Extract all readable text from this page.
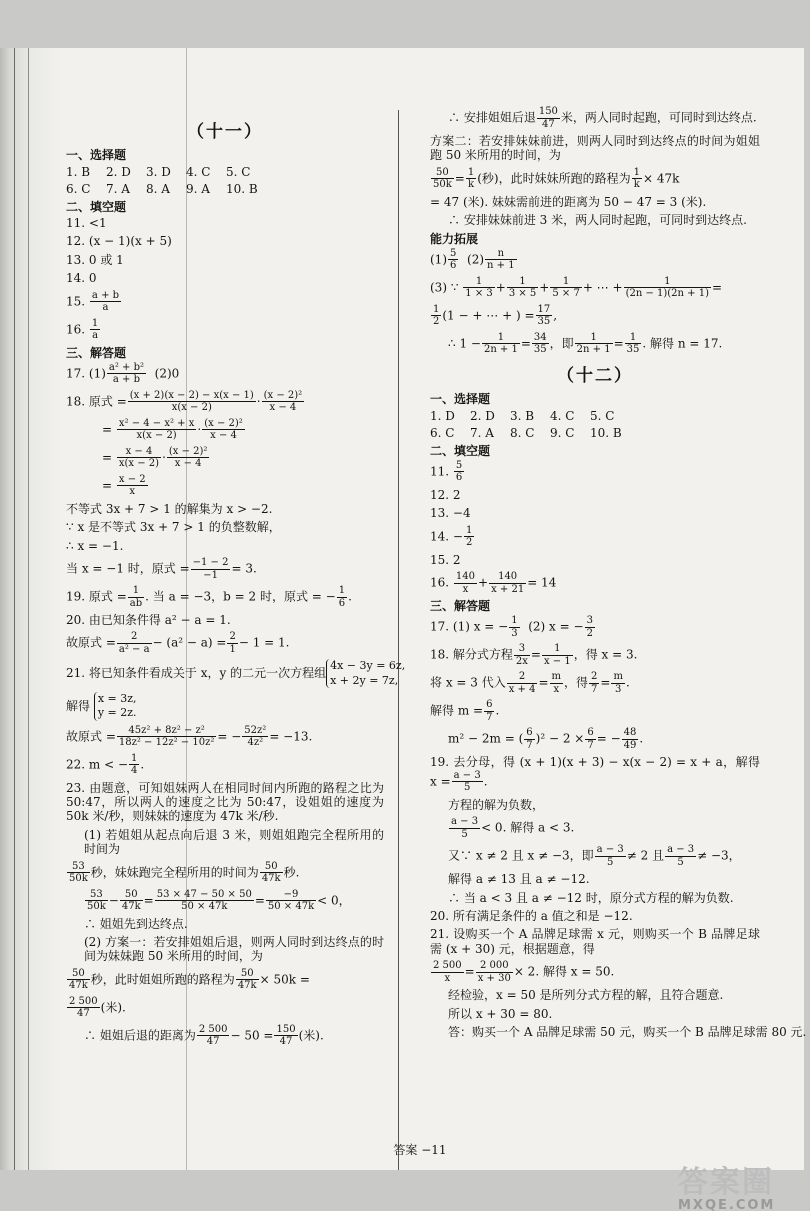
（十一）
一、选择题
1. B	2. D	3. D	4. C	5. C
6. C	7. A	8. A	9. A	10. B
二、填空题
11. <1
12. (x − 1)(x + 5)
13. 0 或 1
14. 0
15. $\frac{a + b}{a}$
16. $\frac{1}{a}$
三、解答题
17. $(1) \frac{\text{a² + b²}}{a + b} (2)0$
18. 原式 = $\frac{(x + 2)(x - 2) - x(x - 1)}{x(x - 2)} \cdot \frac{\text{(x − 2)²}}{x - 4}$
= $\frac{\text{x² − 4 − x² + x}}{x(x - 2)} \cdot \frac{\text{(x − 2)²}}{x - 4}$
= $\frac{x - 4}{x(x - 2)} \cdot \frac{\text{(x − 2)²}}{x - 4}$
= $\frac{x - 2}{x}$
不等式 3x + 7 > 1 的解集为 x > −2.
∵ x 是不等式 3x + 7 > 1 的负整数解，
∴ x = −1.
当 x = −1 时，原式 = $\frac{-1 - 2}{-1} = 3$.
19. 原式 = $\frac{1}{ab}$ . 当 a = −3，b = 2 时，原式 = − $\frac{1}{6}$ .
20. 由已知条件得 a² − a = 1.
故原式 = $\frac{2}{\text{a² − a}} - (a^2 - a) = \frac{2}{1} - 1 = 1$.
21. 将已知条件看成关于 x，y 的二元一次方程组4x − 3y = 6z,
x + 2y = 7z,
解得 x = 3z,
y = 2z.
故原式 = $\frac{\text{45z² + 8z² − z²}}{\text{18z² − 12z² − 10z²}}$ = − $\frac{\text{52z²}}{\text{4z²}} = -13$.
22. m < − $\frac{1}{4}$ .
23. 由题意，可知姐妹两人在相同时间内所跑的路程之比为 50:47，所以两人的速度之比为 50:47，设姐姐的速度为 50k 米/秒，则妹妹的速度为 47k 米/秒.
(1) 若姐姐从起点向后退 3 米，则姐姐跑完全程所用的时间为
$\frac{53}{50k}$ 秒，妹妹跑完全程所用的时间为 $\frac{50}{47k}$ 秒.
$\frac{53}{50k} - \frac{50}{47k} = \frac{53 \times 47 - 50 \times 50}{50 \times 47k} = \frac{-9}{50 \times 47k} < 0$，
∴ 姐姐先到达终点.
(2) 方案一：若安排姐姐后退，则两人同时到达终点的时间为妹妹跑 50 米所用的时间，为
$\frac{50}{47k}$ 秒，此时姐姐所跑的路程为 $\frac{50}{47k} \times 50k$ =
$\frac{2 500}{47}$ (米).
∴ 姐姐后退的距离为 $\frac{2 500}{47} - 50 = \frac{150}{47}$ (米).
∴ 安排姐姐后退 $\frac{150}{47}$ 米，两人同时起跑，可同时到达终点.
方案二：若安排妹妹前进，则两人同时到达终点的时间为姐姐跑 50 米所用的时间，为
$\frac{50}{50k} = \frac{1}{k}$ (秒)，此时妹妹所跑的路程为 $\frac{1}{k} \times 47k$
= 47 (米). 妹妹需前进的距离为 50 − 47 = 3 (米).
∴ 安排妹妹前进 3 米，两人同时起跑，可同时到达终点.
能力拓展
$(1) \frac{5}{6} (2) \frac{n}{n + 1}$
(3) ∵ $\frac{1}{1 \times 3} + \frac{1}{3 \times 5} + \frac{1}{5 \times 7}$ + ⋯ + $\frac{1}{(2n - 1)(2n + 1)}$ =
$\frac{1}{2} (1$ − + ⋯ + ) = $\frac{17}{35}$ ,
∴ $1 - \frac{1}{2n + 1} = \frac{34}{35}$ ，即 $\frac{1}{2n + 1} = \frac{1}{35}$ . 解得 n = 17.
（十二）
一、选择题
1. D	2. D	3. B	4. C	5. C
6. C	7. A	8. C	9. C	10. B
二、填空题
11. $\frac{5}{6}$
12. 2
13. −4
14. − $\frac{1}{2}$
15. 2
16. $\frac{140}{x} + \frac{140}{x + 21} = 14$
三、解答题
17. (1) x = − $\frac{1}{3} (2) x$ = − $\frac{3}{2}$
18. 解分式方程 $\frac{3}{2x} = \frac{1}{x - 1}$ ，得 x = 3.
将 x = 3 代入 $\frac{2}{x + 4} = \frac{m}{x}$ ，得 $\frac{2}{7} = \frac{m}{3}$ .
解得 $m = \frac{6}{7}$ .
m² − 2m = ( $\frac{6}{7} )^2 - 2 \times \frac{6}{7}$ = − $\frac{48}{49}$ .
19. 去分母，得 (x + 1)(x + 3) − x(x − 2) = x + a，解得 $x = \frac{a - 3}{5}$ .
方程的解为负数，
$\frac{a - 3}{5} < 0$. 解得 a < 3.
又∵ x ≠ 2 且 x ≠ −3，即 $\frac{a - 3}{5} \ne 2$ 且 $\frac{a - 3}{5} \ne -3$，
解得 a ≠ 13 且 a ≠ −12.
∴ 当 a < 3 且 a ≠ −12 时，原分式方程的解为负数.
20. 所有满足条件的 a 值之和是 −12.
21. 设购买一个 A 品牌足球需 x 元，则购买一个 B 品牌足球需 (x + 30) 元，根据题意，得
$\frac{2 500}{x} = \frac{2 000}{x + 30} \times 2$. 解得 x = 50.
经检验，x = 50 是所列分式方程的解，且符合题意.
所以 x + 30 = 80.
答：购买一个 A 品牌足球需 50 元，购买一个 B 品牌足球需 80 元.
答案 −11
答案圈
MXQE.COM
